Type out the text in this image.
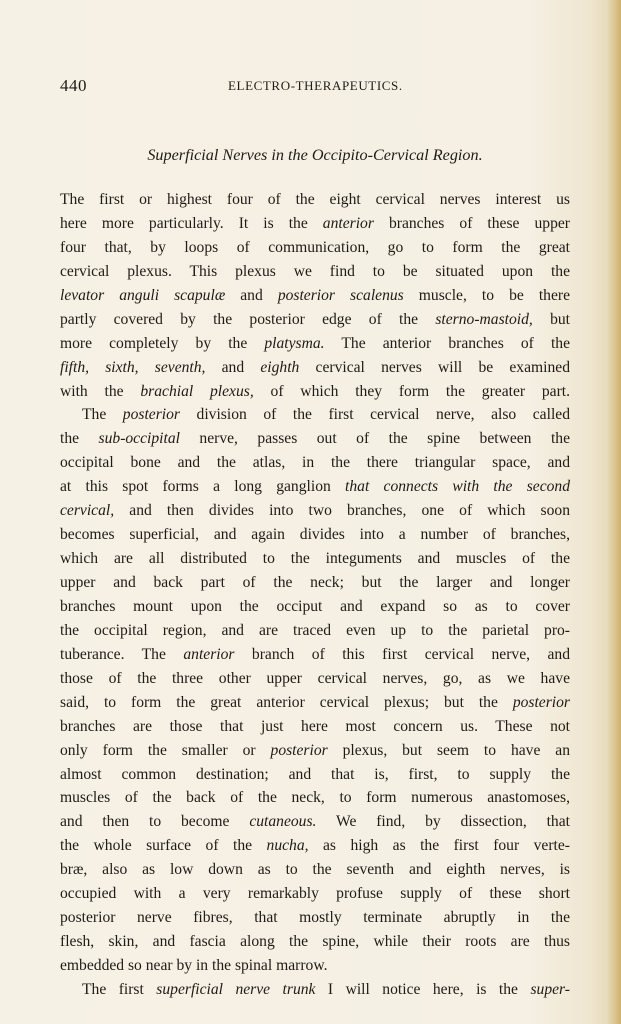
440	ELECTRO-THERAPEUTICS.
Superficial Nerves in the Occipito-Cervical Region.
The first or highest four of the eight cervical nerves interest us
here more particularly. It is the anterior branches of these upper
four that, by loops of communication, go to form the great
cervical plexus. This plexus we find to be situated upon the
levator anguli scapulæ and posterior scalenus muscle, to be there
partly covered by the posterior edge of the sterno-mastoid, but
more completely by the platysma. The anterior branches of the
fifth, sixth, seventh, and eighth cervical nerves will be examined
with the brachial plexus, of which they form the greater part.
The posterior division of the first cervical nerve, also called
the sub-occipital nerve, passes out of the spine between the
occipital bone and the atlas, in the there triangular space, and
at this spot forms a long ganglion that connects with the second
cervical, and then divides into two branches, one of which soon
becomes superficial, and again divides into a number of branches,
which are all distributed to the integuments and muscles of the
upper and back part of the neck; but the larger and longer
branches mount upon the occiput and expand so as to cover
the occipital region, and are traced even up to the parietal pro-
tuberance. The anterior branch of this first cervical nerve, and
those of the three other upper cervical nerves, go, as we have
said, to form the great anterior cervical plexus; but the posterior
branches are those that just here most concern us. These not
only form the smaller or posterior plexus, but seem to have an
almost common destination; and that is, first, to supply the
muscles of the back of the neck, to form numerous anastomoses,
and then to become cutaneous. We find, by dissection, that
the whole surface of the nucha, as high as the first four verte-
bræ, also as low down as to the seventh and eighth nerves, is
occupied with a very remarkably profuse supply of these short
posterior nerve fibres, that mostly terminate abruptly in the
flesh, skin, and fascia along the spine, while their roots are thus
embedded so near by in the spinal marrow.
The first superficial nerve trunk I will notice here, is the super-
